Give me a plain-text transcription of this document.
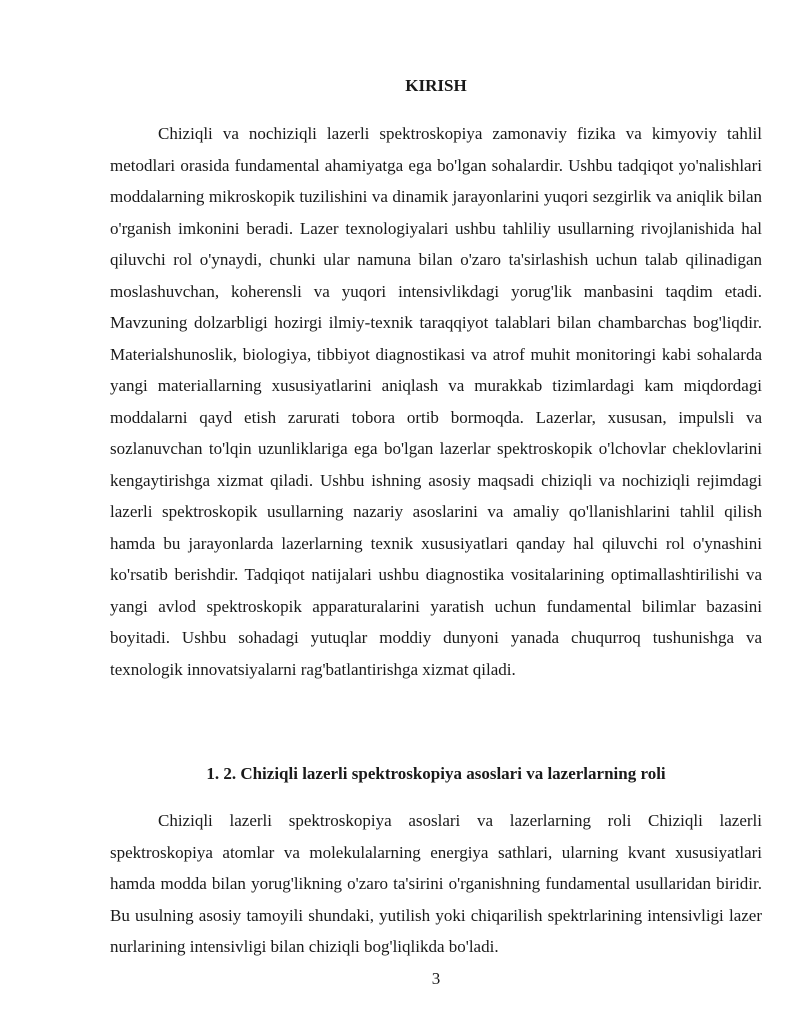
KIRISH

Chiziqli va nochiziqli lazerli spektroskopiya zamonaviy fizika va kimyoviy tahlil metodlari orasida fundamental ahamiyatga ega bo'lgan sohalardir. Ushbu tadqiqot yo'nalishlari moddalarning mikroskopik tuzilishini va dinamik jarayonlarini yuqori sezgirlik va aniqlik bilan o'rganish imkonini beradi. Lazer texnologiyalari ushbu tahliliy usullarning rivojlanishida hal qiluvchi rol o'ynaydi, chunki ular namuna bilan o'zaro ta'sirlashish uchun talab qilinadigan moslashuvchan, koherensli va yuqori intensivlikdagi yorug'lik manbasini taqdim etadi. Mavzuning dolzarbligi hozirgi ilmiy-texnik taraqqiyot talablari bilan chambarchas bog'liqdir. Materialshunoslik, biologiya, tibbiyot diagnostikasi va atrof muhit monitoringi kabi sohalarda yangi materiallarning xususiyatlarini aniqlash va murakkab tizimlardagi kam miqdordagi moddalarni qayd etish zarurati tobora ortib bormoqda. Lazerlar, xususan, impulsli va sozlanuvchan to'lqin uzunliklariga ega bo'lgan lazerlar spektroskopik o'lchovlar cheklovlarini kengaytirishga xizmat qiladi. Ushbu ishning asosiy maqsadi chiziqli va nochiziqli rejimdagi lazerli spektroskopik usullarning nazariy asoslarini va amaliy qo'llanishlarini tahlil qilish hamda bu jarayonlarda lazerlarning texnik xususiyatlari qanday hal qiluvchi rol o'ynashini ko'rsatib berishdir. Tadqiqot natijalari ushbu diagnostika vositalarining optimallashtirilishi va yangi avlod spektroskopik apparaturalarini yaratish uchun fundamental bilimlar bazasini boyitadi. Ushbu sohadagi yutuqlar moddiy dunyoni yanada chuqurroq tushunishga va texnologik innovatsiyalarni rag'batlantirishga xizmat qiladi.

1. 2. Chiziqli lazerli spektroskopiya asoslari va lazerlarning roli

Chiziqli lazerli spektroskopiya asoslari va lazerlarning roli Chiziqli lazerli spektroskopiya atomlar va molekulalarning energiya sathlari, ularning kvant xususiyatlari hamda modda bilan yorug'likning o'zaro ta'sirini o'rganishning fundamental usullaridan biridir. Bu usulning asosiy tamoyili shundaki, yutilish yoki chiqarilish spektrlarining intensivligi lazer nurlarining intensivligi bilan chiziqli bog'liqlikda bo'ladi.

3
